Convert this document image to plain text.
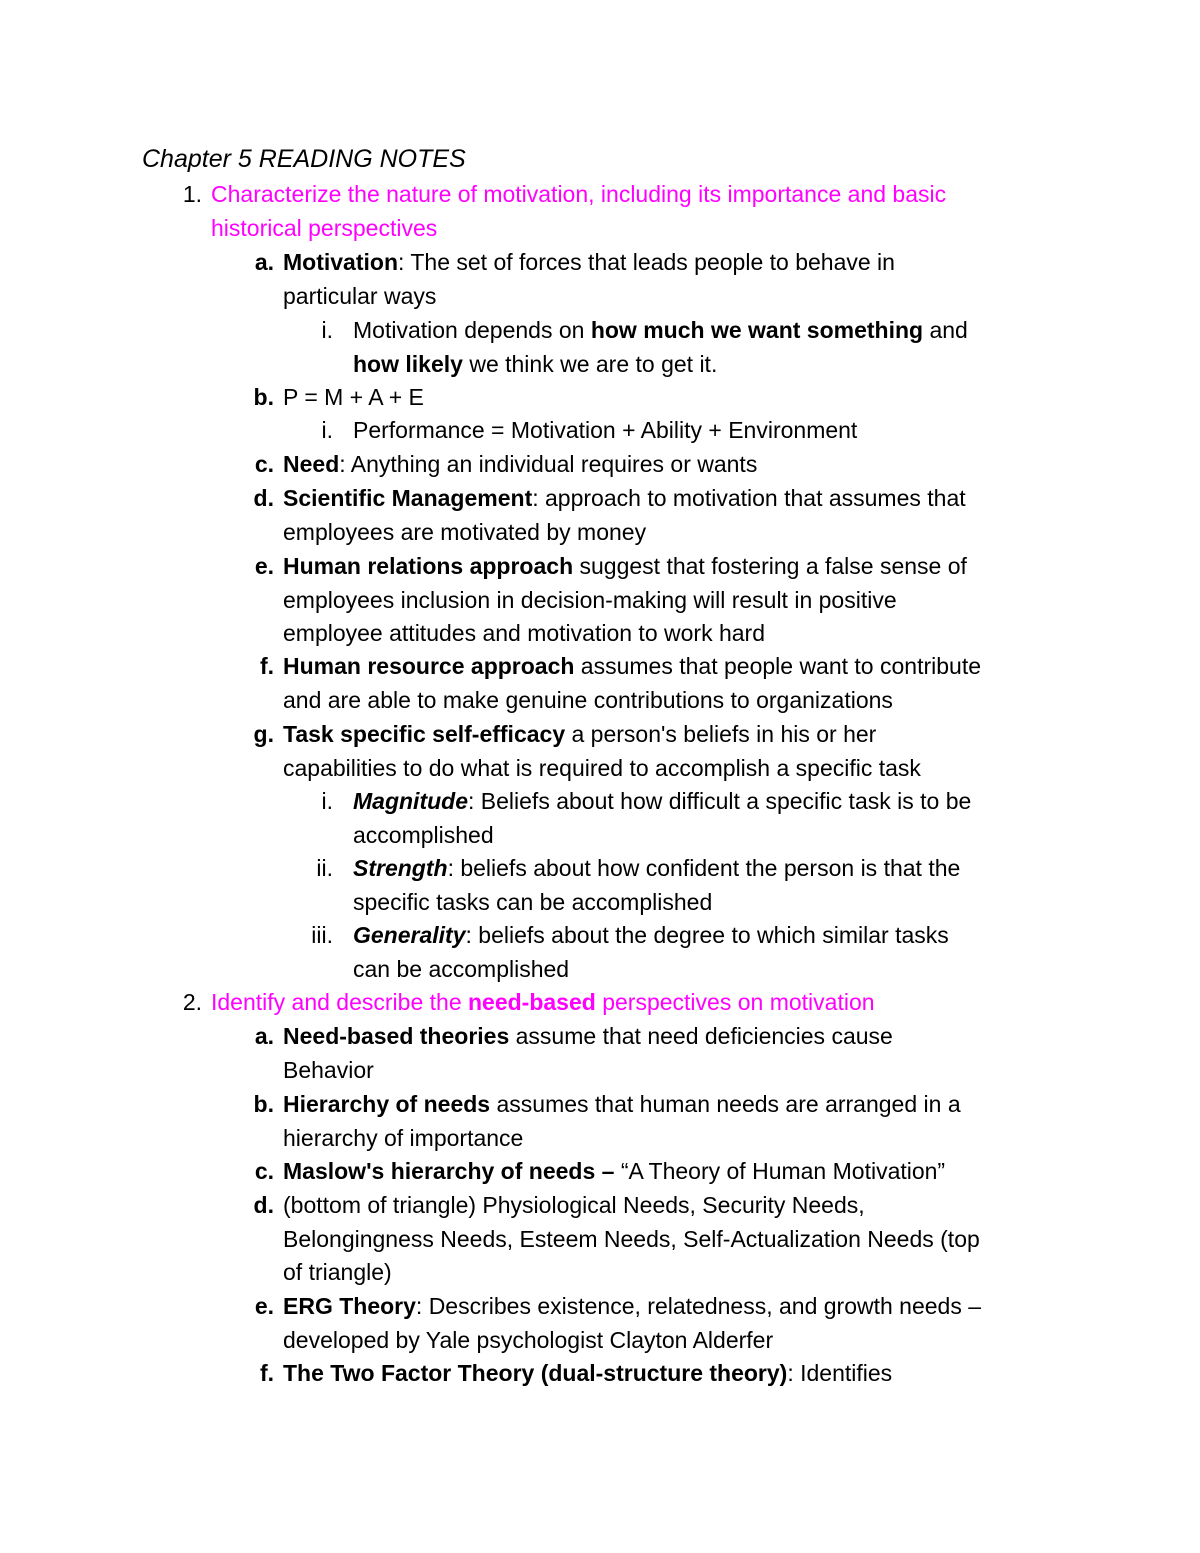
Chapter 5 READING NOTES
1. Characterize the nature of motivation, including its importance and basic
historical perspectives
a. Motivation: The set of forces that leads people to behave in
particular ways
i. Motivation depends on how much we want something and
how likely we think we are to get it.
b. P = M + A + E
i. Performance = Motivation + Ability + Environment
c. Need: Anything an individual requires or wants
d. Scientific Management: approach to motivation that assumes that
employees are motivated by money
e. Human relations approach suggest that fostering a false sense of
employees inclusion in decision-making will result in positive
employee attitudes and motivation to work hard
f. Human resource approach assumes that people want to contribute
and are able to make genuine contributions to organizations
g. Task specific self-efficacy a person's beliefs in his or her
capabilities to do what is required to accomplish a specific task
i. Magnitude: Beliefs about how difficult a specific task is to be
accomplished
ii. Strength: beliefs about how confident the person is that the
specific tasks can be accomplished
iii. Generality: beliefs about the degree to which similar tasks
can be accomplished
2. Identify and describe the need-based perspectives on motivation
a. Need-based theories assume that need deficiencies cause
Behavior
b. Hierarchy of needs assumes that human needs are arranged in a
hierarchy of importance
c. Maslow's hierarchy of needs – “A Theory of Human Motivation”
d. (bottom of triangle) Physiological Needs, Security Needs,
Belongingness Needs, Esteem Needs, Self-Actualization Needs (top
of triangle)
e. ERG Theory: Describes existence, relatedness, and growth needs –
developed by Yale psychologist Clayton Alderfer
f. The Two Factor Theory (dual-structure theory): Identifies
